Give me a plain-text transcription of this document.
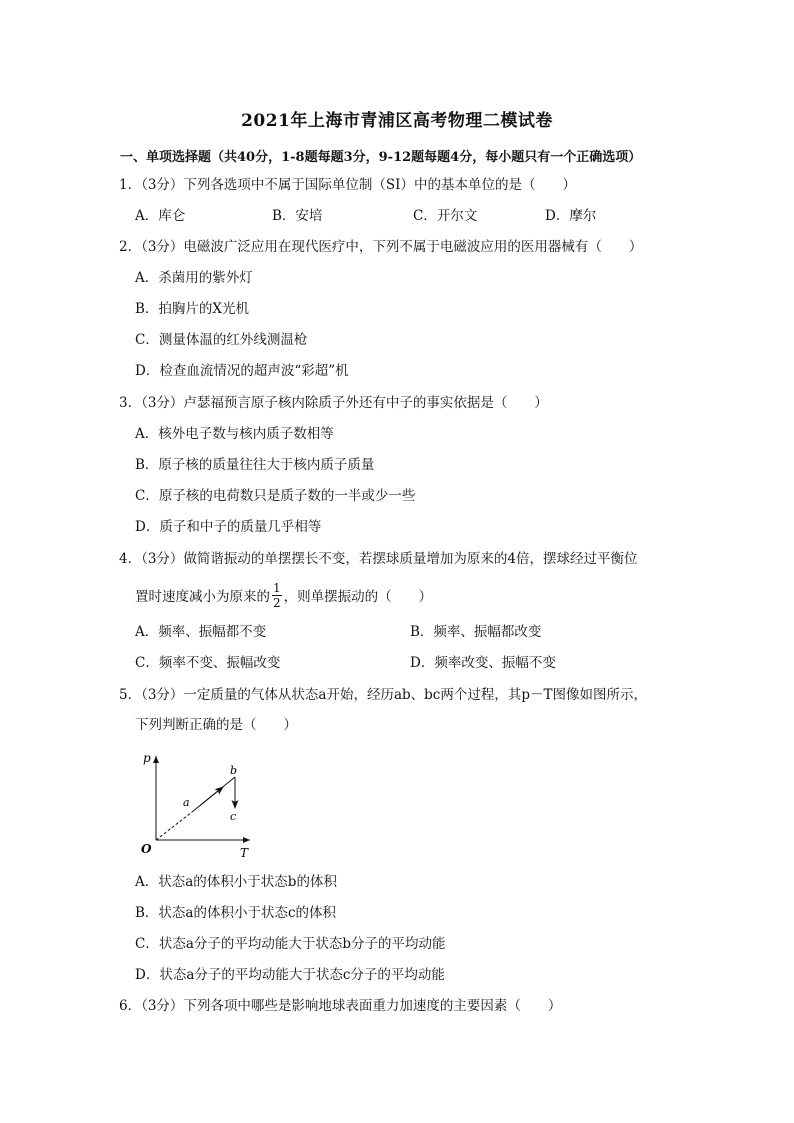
2021年上海市青浦区高考物理二模试卷
一、单项选择题（共40分，1-8题每题3分，9-12题每题4分，每小题只有一个正确选项）
1．（3分）下列各选项中不属于国际单位制（SI）中的基本单位的是（　　）
A．库仑	B．安培	C．开尔文	D．摩尔
2．（3分）电磁波广泛应用在现代医疗中，下列不属于电磁波应用的医用器械有（　　）
A．杀菌用的紫外灯
B．拍胸片的X光机
C．测量体温的红外线测温枪
D．检查血流情况的超声波“彩超”机
3．（3分）卢瑟福预言原子核内除质子外还有中子的事实依据是（　　）
A．核外电子数与核内质子数相等
B．原子核的质量往往大于核内质子质量
C．原子核的电荷数只是质子数的一半或少一些
D．质子和中子的质量几乎相等
4．（3分）做简谐振动的单摆摆长不变，若摆球质量增加为原来的4倍，摆球经过平衡位
置时速度减小为原来的 $\frac{1}{2}$ ，则单摆振动的（　　）
A．频率、振幅都不变	B．频率、振幅都改变
C．频率不变、振幅改变	D．频率改变、振幅不变
5．（3分）一定质量的气体从状态a开始，经历ab、bc两个过程，其p－T图像如图所示，
下列判断正确的是（　　）
p
T
O
a
b
c
A．状态a的体积小于状态b的体积
B．状态a的体积小于状态c的体积
C．状态a分子的平均动能大于状态b分子的平均动能
D．状态a分子的平均动能大于状态c分子的平均动能
6．（3分）下列各项中哪些是影响地球表面重力加速度的主要因素（　　）
